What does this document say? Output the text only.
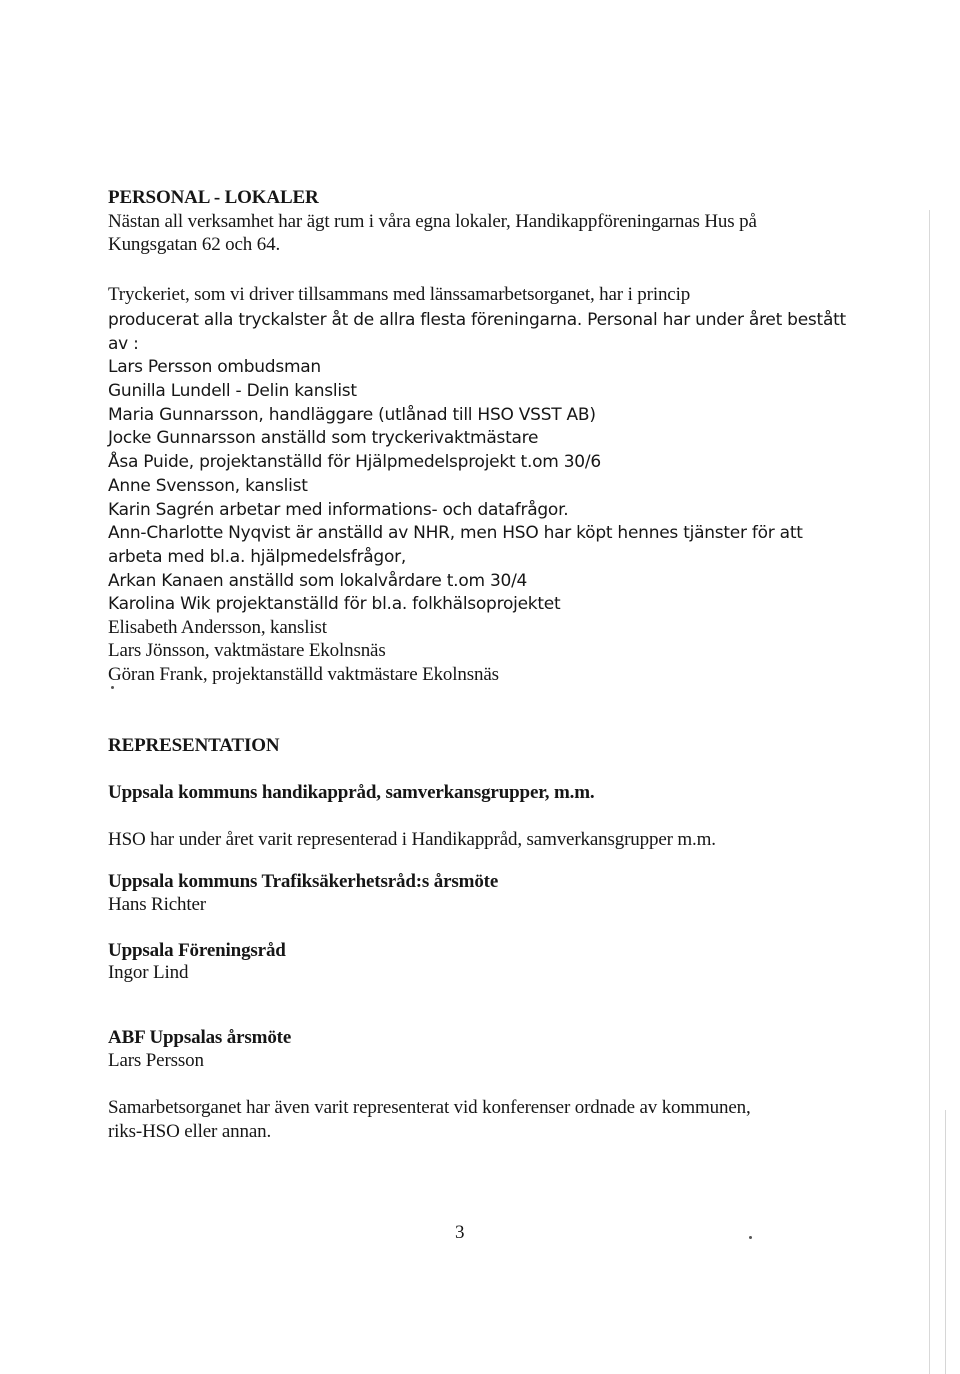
PERSONAL - LOKALER

Nästan all verksamhet har ägt rum i våra egna lokaler, Handikappföreningarnas Hus på

Kungsgatan 62 och 64.

Tryckeriet, som vi driver tillsammans med länssamarbetsorganet, har i princip

producerat alla tryckalster åt de allra flesta föreningarna. Personal har under året bestått

av :

Lars Persson ombudsman

Gunilla Lundell - Delin kanslist

Maria Gunnarsson, handläggare (utlånad till HSO VSST AB)

Jocke Gunnarsson anställd som tryckerivaktmästare

Åsa Puide, projektanställd för Hjälpmedelsprojekt t.om 30/6

Anne Svensson, kanslist

Karin Sagrén arbetar med informations- och datafrågor.

Ann-Charlotte Nyqvist är anställd av NHR, men HSO har köpt hennes tjänster för att

arbeta med bl.a. hjälpmedelsfrågor,

Arkan Kanaen anställd som lokalvårdare t.om 30/4

Karolina Wik projektanställd för bl.a. folkhälsoprojektet

Elisabeth Andersson, kanslist

Lars Jönsson, vaktmästare Ekolnsnäs

Göran Frank, projektanställd vaktmästare Ekolnsnäs

REPRESENTATION

Uppsala kommuns handikappråd, samverkansgrupper, m.m.

HSO har under året varit representerad i Handikappråd, samverkansgrupper m.m.

Uppsala kommuns Trafiksäkerhetsråd:s årsmöte

Hans Richter

Uppsala Föreningsråd

Ingor Lind

ABF Uppsalas årsmöte

Lars Persson

Samarbetsorganet har även varit representerat vid konferenser ordnade av kommunen,

riks-HSO eller annan.

3
